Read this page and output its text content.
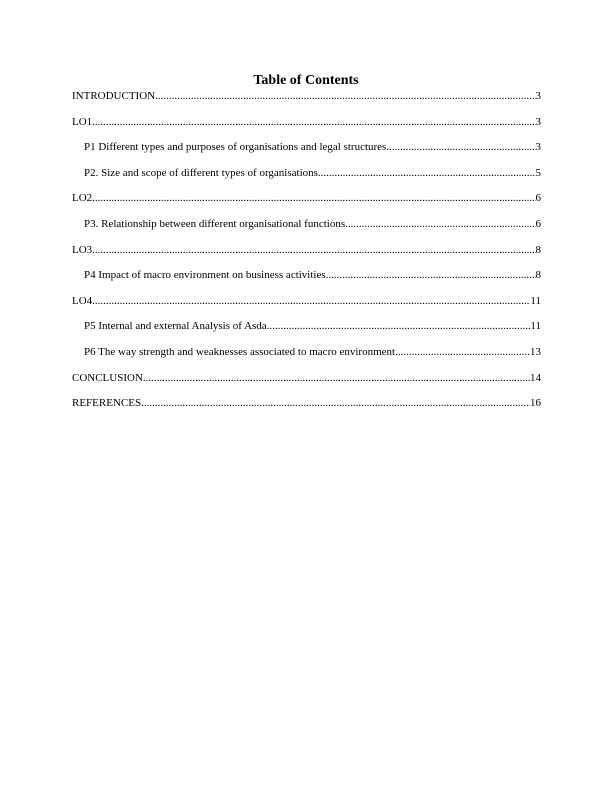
Table of Contents
INTRODUCTION .....	3
LO1 .....	3
P1 Different types and purposes of organisations and legal structures .....	3
P2. Size and scope of different types of organisations .....	5
LO2 .....	6
P3. Relationship between different organisational functions .....	6
LO3 .....	8
P4 Impact of macro environment on business activities .....	8
LO4 .....	11
P5 Internal and external Analysis of Asda .....	11
P6 The way strength and weaknesses associated to macro environment .....	13
CONCLUSION .....	14
REFERENCES .....	16
